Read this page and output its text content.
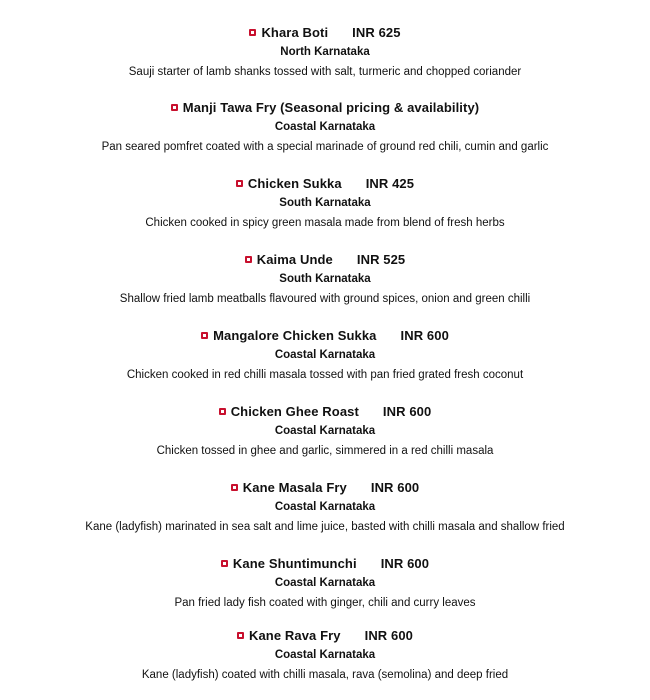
Khara Boti INR 625
North Karnataka
Sauji starter of lamb shanks tossed with salt, turmeric and chopped coriander
Manji Tawa Fry (Seasonal pricing & availability)
Coastal Karnataka
Pan seared pomfret coated with a special marinade of ground red chili, cumin and garlic
Chicken Sukka INR 425
South Karnataka
Chicken cooked in spicy green masala made from blend of fresh herbs
Kaima Unde INR 525
South Karnataka
Shallow fried lamb meatballs flavoured with ground spices, onion and green chilli
Mangalore Chicken Sukka INR 600
Coastal Karnataka
Chicken cooked in red chilli masala tossed with pan fried grated fresh coconut
Chicken Ghee Roast INR 600
Coastal Karnataka
Chicken tossed in ghee and garlic, simmered in a red chilli masala
Kane Masala Fry INR 600
Coastal Karnataka
Kane (ladyfish) marinated in sea salt and lime juice, basted with chilli masala and shallow fried
Kane Shuntimunchi INR 600
Coastal Karnataka
Pan fried lady fish coated with ginger, chili and curry leaves
Kane Rava Fry INR 600
Coastal Karnataka
Kane (ladyfish) coated with chilli masala, rava (semolina) and deep fried
